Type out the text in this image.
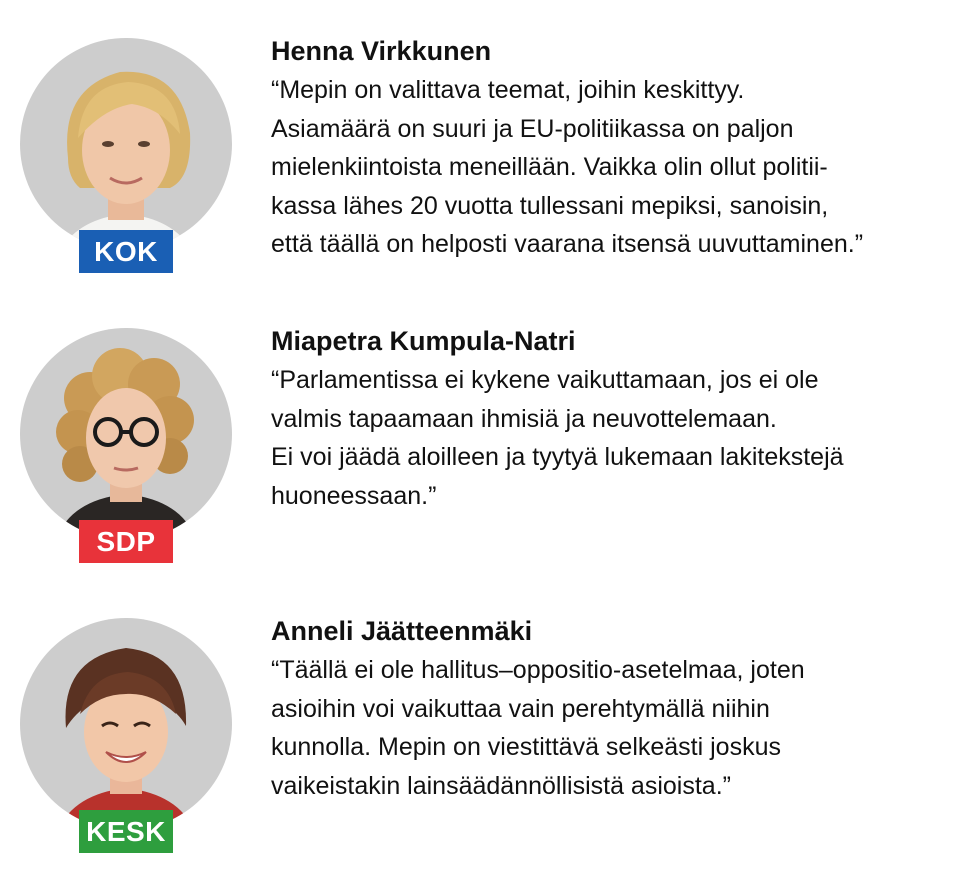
KOK
Henna Virkkunen
“Mepin on valittava teemat, joihin keskittyy.
Asiamäärä on suuri ja EU-politiikassa on paljon
mielenkiintoista meneillään. Vaikka olin ollut politii-
kassa lähes 20 vuotta tullessani mepiksi, sanoisin,
että täällä on helposti vaarana itsensä uuvuttaminen.”
SDP
Miapetra Kumpula-Natri
“Parlamentissa ei kykene vaikuttamaan, jos ei ole
valmis tapaamaan ihmisiä ja neuvottelemaan.
Ei voi jäädä aloilleen ja tyytyä lukemaan lakitekstejä
huoneessaan.”
KESK
Anneli Jäätteenmäki
“Täällä ei ole hallitus–oppositio-asetelmaa, joten
asioihin voi vaikuttaa vain perehtymällä niihin
kunnolla. Mepin on viestittävä selkeästi joskus
vaikeistakin lainsäädännöllisistä asioista.”
